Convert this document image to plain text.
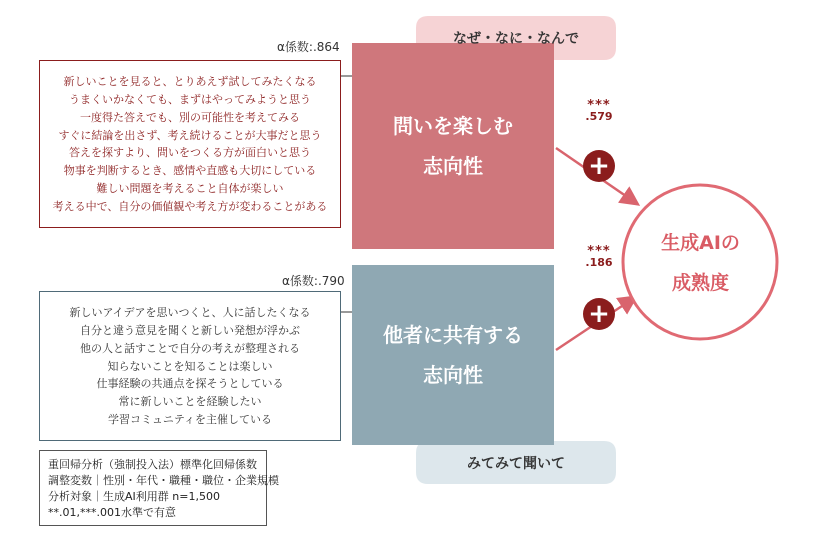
α係数:.864
新しいことを見ると、とりあえず試してみたくなる
うまくいかなくても、まずはやってみようと思う
一度得た答えでも、別の可能性を考えてみる
すぐに結論を出さず、考え続けることが大事だと思う
答えを探すより、問いをつくる方が面白いと思う
物事を判断するとき、感情や直感も大切にしている
難しい問題を考えること自体が楽しい
考える中で、自分の価値観や考え方が変わることがある
問いを楽しむ
志向性
なぜ・なに・なんで
α係数:.790
新しいアイデアを思いつくと、人に話したくなる
自分と違う意見を聞くと新しい発想が浮かぶ
他の人と話すことで自分の考えが整理される
知らないことを知ることは楽しい
仕事経験の共通点を探そうとしている
常に新しいことを経験したい
学習コミュニティを主催している
他者に共有する
志向性
みてみて聞いて
***
.579
+
***
.186
+
生成AIの
成熟度
重回帰分析（強制投入法）標準化回帰係数
調整変数｜性別・年代・職種・職位・企業規模
分析対象｜生成AI利用群 n=1,500
**.01,***.001水準で有意
